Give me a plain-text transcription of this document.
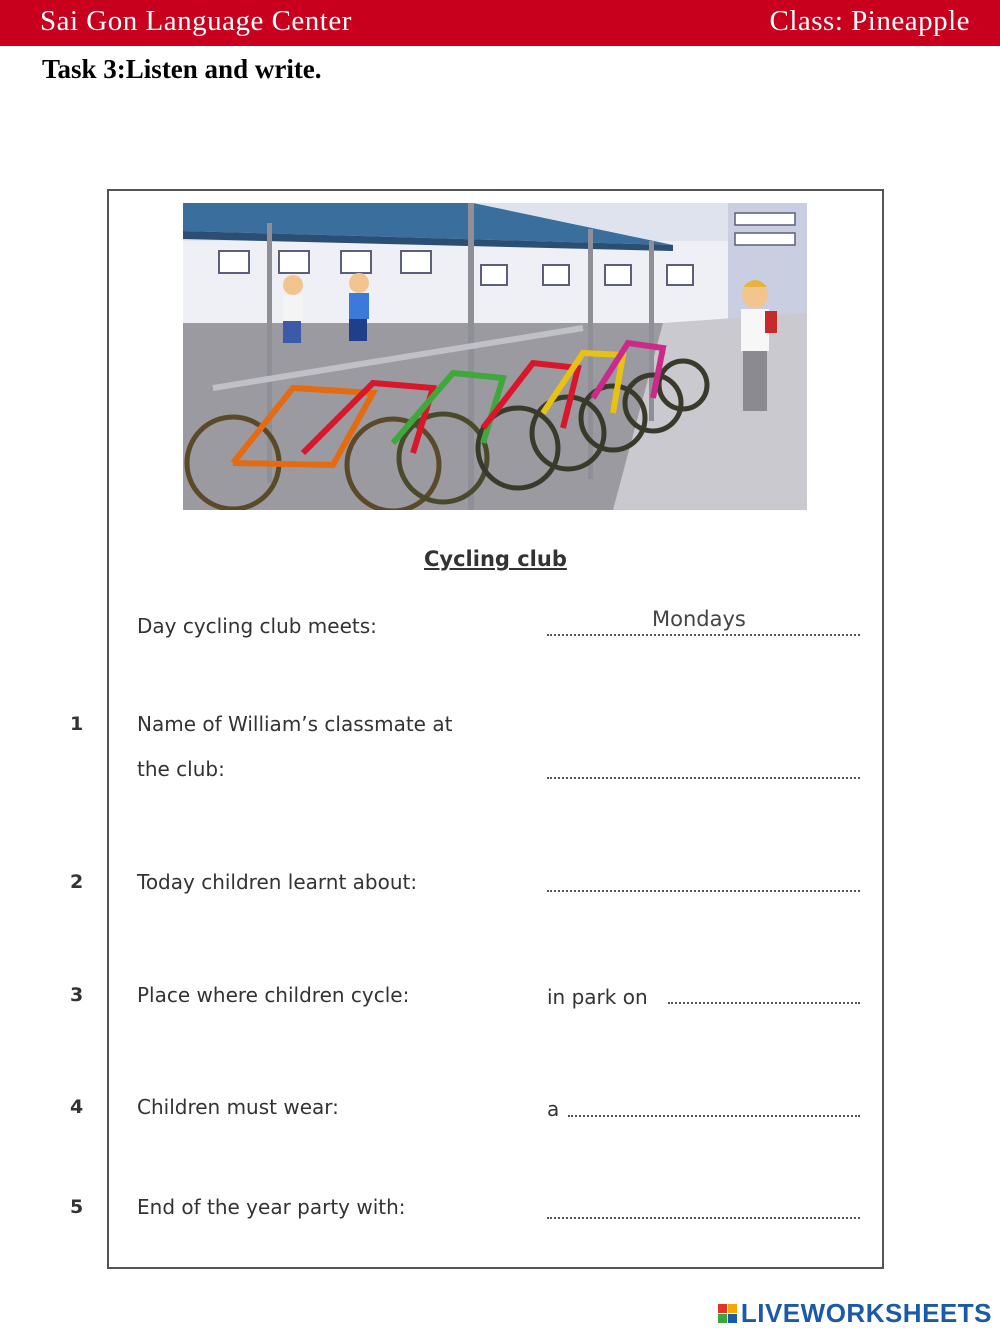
Sai Gon Language Center	Class: Pineapple
Task 3:Listen and write.
Cycling club
Day cycling club meets:	Mondays
1	Name of William’s classmate at
the club:
2	Today children learnt about:
3	Place where children cycle:	in park on
4	Children must wear:	a
5	End of the year party with:
LIVEWORKSHEETS
